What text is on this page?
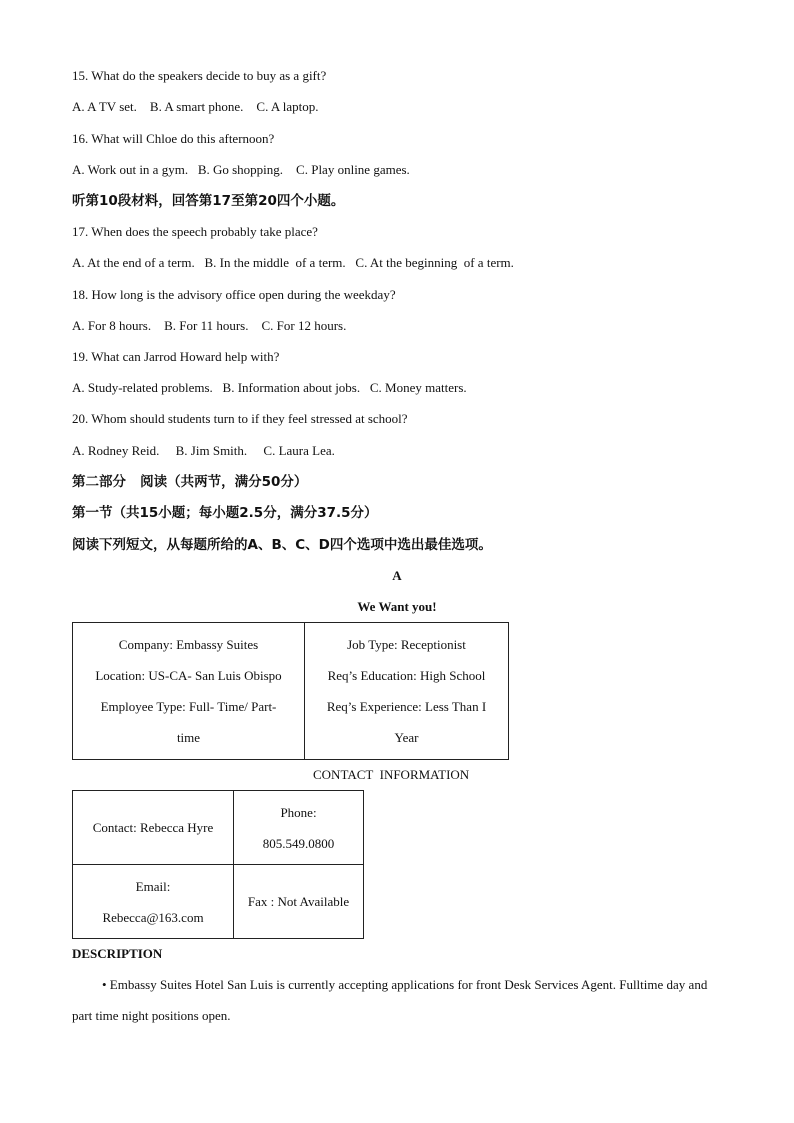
15. What do the speakers decide to buy as a gift?
A. A TV set.    B. A smart phone.    C. A laptop.
16. What will Chloe do this afternoon?
A. Work out in a gym.   B. Go shopping.    C. Play online games.
听第10段材料，回答第17至第20四个小题。
17. When does the speech probably take place?
A. At the end of a term.   B. In the middle  of a term.   C. At the beginning  of a term.
18. How long is the advisory office open during the weekday?
A. For 8 hours.    B. For 11 hours.    C. For 12 hours.
19. What can Jarrod Howard help with?
A. Study-related problems.   B. Information about jobs.   C. Money matters.
20. Whom should students turn to if they feel stressed at school?
A. Rodney Reid.     B. Jim Smith.     C. Laura Lea.
第二部分   阅读（共两节，满分50分）
第一节（共15小题；每小题2.5分，满分37.5分）
阅读下列短文，从每题所给的A、B、C、D四个选项中选出最佳选项。
A
We Want you!
Company: Embassy Suites
Location: US-CA- San Luis Obispo
Employee Type: Full- Time/ Part-
time

Job Type: Receptionist
Req’s Education: High School
Req’s Experience: Less Than I
Year
CONTACT  INFORMATION
Contact: Rebecca Hyre	Phone:
805.549.0800

Email:
Rebecca@163.com	Fax : Not Available
DESCRIPTION
• Embassy Suites Hotel San Luis is currently accepting applications for front Desk Services Agent. Fulltime day and part time night positions open.
